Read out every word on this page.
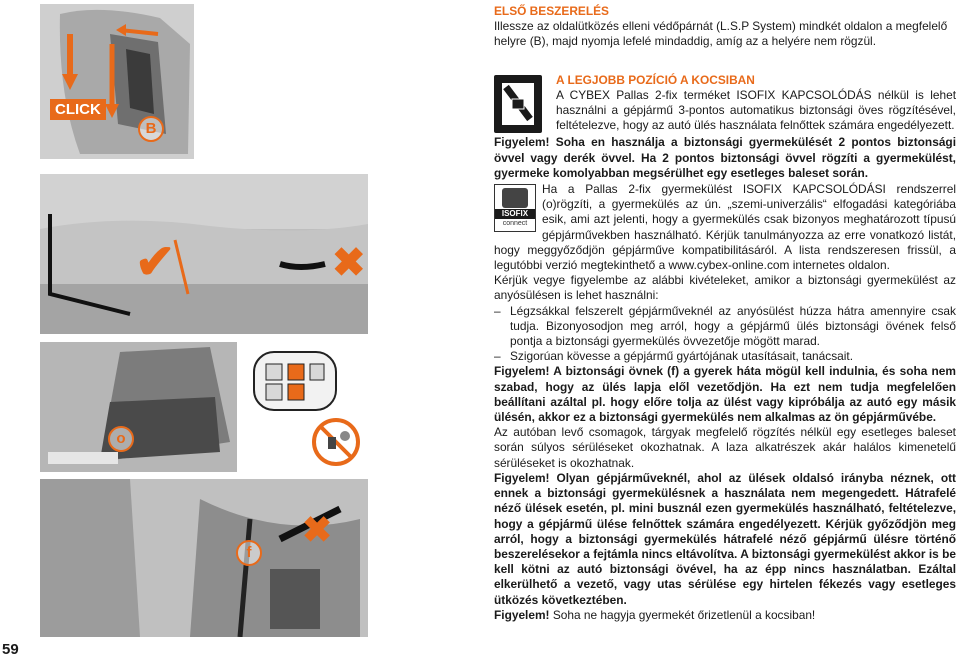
CLICK
B
✔	✖
o
✖
f
59

ELSŐ BESZERELÉS

Illessze az oldalütközés elleni védőpárnát (L.S.P System) mindkét oldalon a megfelelő helyre (B), majd nyomja lefelé mindaddig, amíg az a helyére nem rögzül.

A LEGJOBB POZÍCIÓ A KOCSIBAN

A CYBEX Pallas 2-fix terméket ISOFIX KAPCSOLÓDÁS nélkül is lehet használni a gépjármű 3-pontos automatikus biztonsági öves rögzítésével, feltételezve, hogy az autó ülés használata felnőttek számára engedélyezett.

Figyelem! Soha en használja a biztonsági gyermekülését 2 pontos biztonsági övvel vagy derék övvel. Ha 2 pontos biztonsági övvel rögzíti a gyermekülést, gyermeke komolyabban megsérülhet egy esetleges baleset során.

ISOFIX
connect

Ha a Pallas 2-fix gyermekülést ISOFIX KAPCSOLÓDÁSI rendszerrel (o)rögzíti, a gyermekülés az ún. „szemi-univerzális“ elfogadási kategóriába esik, ami azt jelenti, hogy a gyermekülés csak bizonyos meghatározott típusú gépjárművekben használható. Kérjük tanulmányozza az erre vonatkozó listát, hogy meggyőződjön gépjárműve kompatibilitásáról. A lista rendszeresen frissül, a legutóbbi verzió megtekinthető a www.cybex-online.com internetes oldalon.

Kérjük vegye figyelembe az alábbi kivételeket, amikor a biztonsági gyermekülést az anyósülésen is lehet használni:

– Légzsákkal felszerelt gépjárműveknél az anyósülést húzza hátra amennyire csak tudja. Bizonyosodjon meg arról, hogy a gépjármű ülés biztonsági övének felső pontja a biztonsági gyermekülés övvezetője mögött marad.
– Szigorúan kövesse a gépjármű gyártójának utasításait, tanácsait.

Figyelem! A biztonsági övnek (f) a gyerek háta mögül kell indulnia, és soha nem szabad, hogy az ülés lapja elől vezetődjön. Ha ezt nem tudja megfelelően beállítani azáltal pl. hogy előre tolja az ülést vagy kipróbálja az autó egy másik ülésén, akkor ez a biztonsági gyermekülés nem alkalmas az ön gépjárművébe.

Az autóban levő csomagok, tárgyak megfelelő rögzítés nélkül egy esetleges baleset során súlyos sérüléseket okozhatnak. A laza alkatrészek akár halálos kimenetelű sérüléseket is okozhatnak.

Figyelem! Olyan gépjárműveknél, ahol az ülések oldalsó irányba néznek, ott ennek a biztonsági gyermekülésnek a használata nem megengedett. Hátrafelé néző ülések esetén, pl. mini busznál ezen gyermekülés használható, feltételezve, hogy a gépjármű ülése felnőttek számára engedélyezett. Kérjük győződjön meg arról, hogy a biztonsági gyermekülés hátrafelé néző gépjármű ülésre történő beszerelésekor a fejtámla nincs eltávolítva. A biztonsági gyermekülést akkor is be kell kötni az autó biztonsági övével, ha az épp nincs használatban. Ezáltal elkerülhető a vezető, vagy utas sérülése egy hirtelen fékezés vagy esetleges ütközés következtében.

Figyelem! Soha ne hagyja gyermekét őrizetlenül a kocsiban!
